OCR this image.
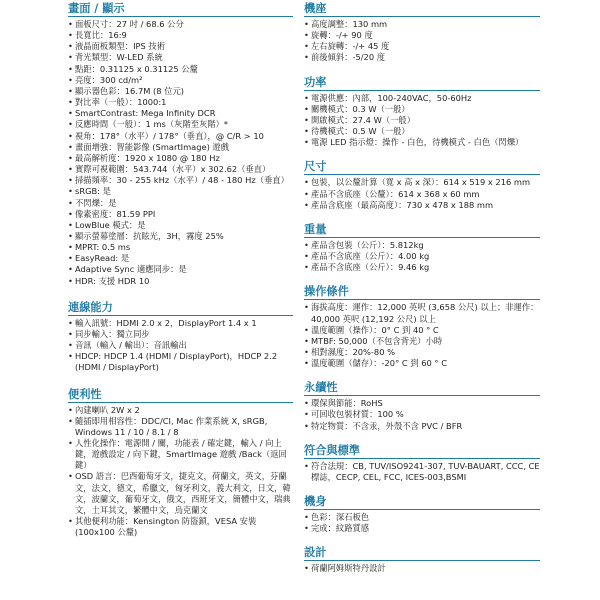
畫面 / 顯示
• 面板尺寸：27 吋 / 68.6 公分
• 長寬比：16:9
• 液晶面板類型：IPS 技術
• 背光類型：W-LED 系統
• 點距：0.31125 x 0.31125 公釐
• 亮度：300 cd/m²
• 顯示器色彩：16.7M (8 位元)
• 對比率（一般）：1000:1
• SmartContrast: Mega Infinity DCR
• 反應時間（一般）：1 ms（灰階至灰階）*
• 視角：178°（水平）/ 178°（垂直），@ C/R > 10
• 畫面增強：智能影像 (SmartImage) 遊戲
• 最高解析度：1920 x 1080 @ 180 Hz
• 實際可視範圍：543.744（水平）x 302.62（垂直）
• 掃描頻率：30 - 255 kHz（水平）/ 48 - 180 Hz（垂直）
• sRGB: 是
• 不閃爍：是
• 像素密度：81.59 PPI
• LowBlue 模式：是
• 顯示螢幕塗層：抗眩光，3H，霧度 25%
• MPRT: 0.5 ms
• EasyRead: 是
• Adaptive Sync 適應同步：是
• HDR: 支援 HDR 10
連線能力
• 輸入訊號：HDMI 2.0 x 2，DisplayPort 1.4 x 1
• 同步輸入：獨立同步
• 音訊（輸入 / 輸出）：音訊輸出
• HDCP: HDCP 1.4 (HDMI / DisplayPort)，HDCP 2.2 (HDMI / DisplayPort)
便利性
• 內建喇叭 2W x 2
• 隨插即用相容性：DDC/CI, Mac 作業系統 X, sRGB, Windows 11 / 10 / 8.1 / 8
• 人性化操作：電源開 / 關，功能表 / 確定鍵，輸入 / 向上鍵，遊戲設定 / 向下鍵，SmartImage 遊戲 /Back（返回鍵）
• OSD 語言：巴西葡萄牙文，捷克文，荷蘭文，英文，芬蘭文，法文，德文，希臘文，匈牙利文，義大利文，日文，韓文，波蘭文，葡萄牙文，俄文，西班牙文，簡體中文，瑞典文，土耳其文，繁體中文，烏克蘭文
• 其他便利功能：Kensington 防盜鎖，VESA 安裝 (100x100 公釐)
機座
• 高度調整：130 mm
• 旋轉：-/+ 90 度
• 左右旋轉：-/+ 45 度
• 前後傾斜：-5/20 度
功率
• 電源供應：內部，100-240VAC，50-60Hz
• 關機模式：0.3 W（一般）
• 開啟模式：27.4 W（一般）
• 待機模式：0.5 W（一般）
• 電源 LED 指示燈：操作 - 白色，待機模式 - 白色（閃爍）
尺寸
• 包裝，以公釐計算（寬 x 高 x 深）：614 x 519 x 216 mm
• 產品不含底座（公釐）：614 x 368 x 60 mm
• 產品含底座（最高高度）：730 x 478 x 188 mm
重量
• 產品含包裝（公斤）：5.812kg
• 產品不含底座（公斤）：4.00 kg
• 產品不含底座（公斤）：9.46 kg
操作條件
• 海拔高度：運作：12,000 英呎 (3,658 公尺) 以上；非運作：40,000 英呎 (12,192 公尺) 以上
• 溫度範圍（操作）：0° C 到 40 ° C
• MTBF: 50,000（不包含背光）小時
• 相對濕度：20%-80 %
• 溫度範圍（儲存）：-20° C 到 60 ° C
永續性
• 環保與節能：RoHS
• 可回收包裝材質：100 %
• 特定物質：不含汞，外殼不含 PVC / BFR
符合與標準
• 符合法規：CB, TUV/ISO9241-307, TUV-BAUART, CCC, CE 標誌，CECP, CEL, FCC, ICES-003,BSMI
機身
• 色彩：深石板色
• 完成：紋路質感
設計
• 荷蘭阿姆斯特丹設計
